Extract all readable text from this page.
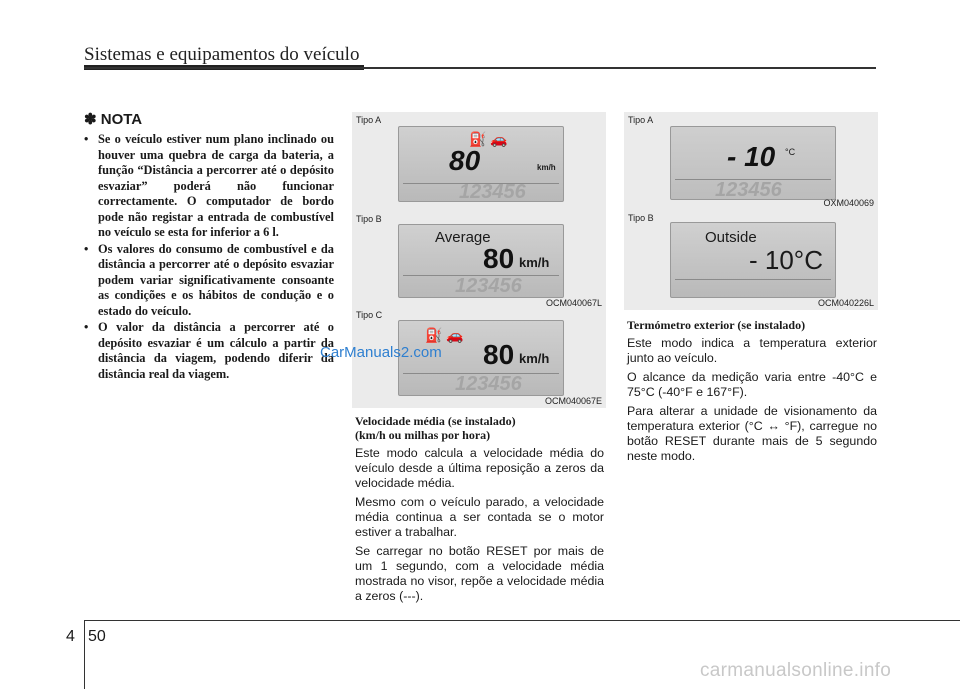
Sistemas e equipamentos do veículo
✽ NOTA
• Se o veículo estiver num plano inclinado ou houver uma quebra de carga da bateria, a função “Distância a percorrer até o depósito esvaziar” poderá não funcionar correctamente. O computador de bordo pode não registar a entrada de combustível no veículo se esta for inferior a 6 l.
• Os valores do consumo de combustível e da distância a percorrer até o depósito esvaziar podem variar significativamente consoante as condições e os hábitos de condução e o estado do veículo.
• O valor da distância a percorrer até o depósito esvaziar é um cálculo a partir da distância da viagem, podendo diferir da distância real da viagem.
Tipo A
⛽ 🚗
80	km/h
123456
Tipo B
Average
80 km/h
123456
OCM040067L
Tipo C
⛽ 🚗
80 km/h
123456
OCM040067E
Velocidade média (se instalado)
(km/h ou milhas por hora)

Este modo calcula a velocidade média do veículo desde a última reposição a zeros da velocidade média.

Mesmo com o veículo parado, a velocidade média continua a ser contada se o motor estiver a trabalhar.

Se carregar no botão RESET por mais de um 1 segundo, com a velocidade média mostrada no visor, repõe a velocidade média a zeros (---).

Tipo A
- 10 °C
123456
OXM040069
Tipo B
Outside
- 10°C
OCM040226L
Termómetro exterior (se instalado)

Este modo indica a temperatura exterior junto ao veículo.

O alcance da medição varia entre -40°C e 75°C (-40°F e 167°F).

Para alterar a unidade de visionamento da temperatura exterior (°C ↔ °F), carregue no botão RESET durante mais de 5 segundo neste modo.

CarManuals2.com
4 50
carmanualsonline.info
